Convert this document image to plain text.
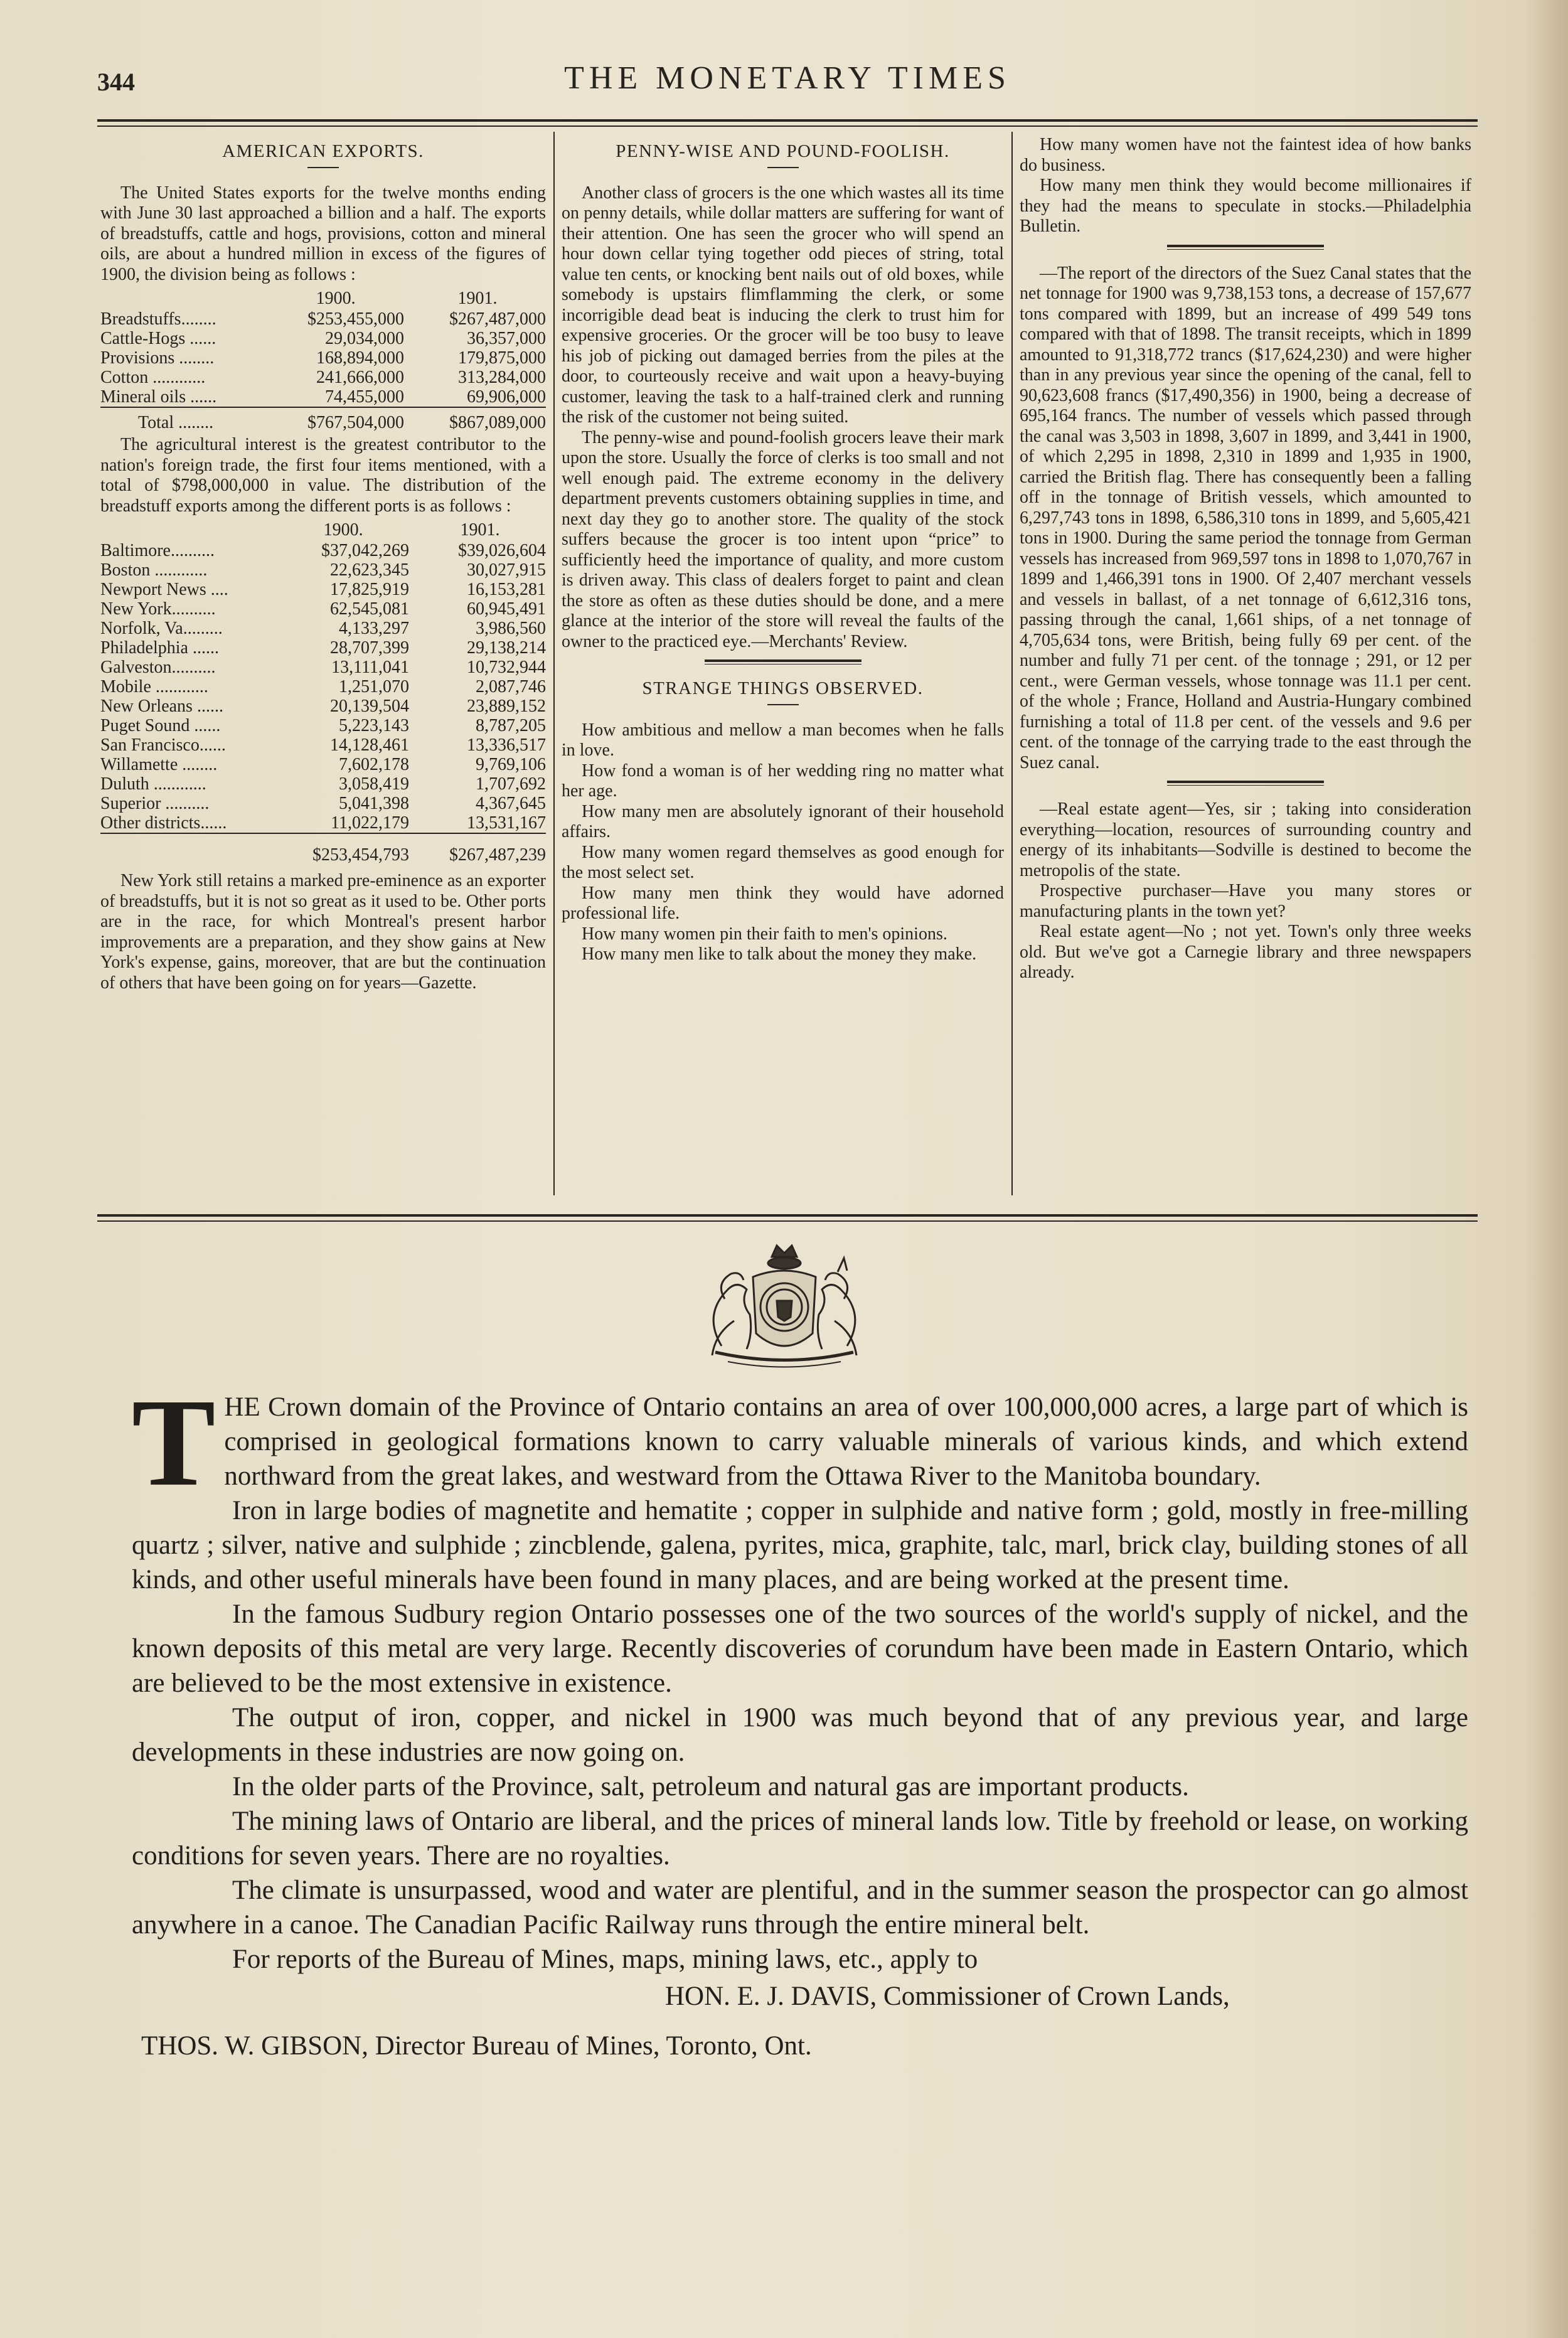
344	THE MONETARY TIMES
AMERICAN EXPORTS.

The United States exports for the twelve months ending with June 30 last approached a billion and a half. The exports of breadstuffs, cattle and hogs, provisions, cotton and mineral oils, are about a hundred million in excess of the figures of 1900, the division being as follows :

	1900.	1901.
Breadstuffs........	$253,455,000	$267,487,000
Cattle-Hogs ......	29,034,000	36,357,000
Provisions ........	168,894,000	179,875,000
Cotton ............	241,666,000	313,284,000
Mineral oils ......	74,455,000	69,906,000
Total ........	$767,504,000	$867,089,000

The agricultural interest is the greatest contributor to the nation's foreign trade, the first four items mentioned, with a total of $798,000,000 in value. The distribution of the breadstuff exports among the different ports is as follows :

	1900.	1901.
Baltimore..........	$37,042,269	$39,026,604
Boston ............	22,623,345	30,027,915
Newport News ....	17,825,919	16,153,281
New York..........	62,545,081	60,945,491
Norfolk, Va.........	4,133,297	3,986,560
Philadelphia ......	28,707,399	29,138,214
Galveston..........	13,111,041	10,732,944
Mobile ............	1,251,070	2,087,746
New Orleans ......	20,139,504	23,889,152
Puget Sound ......	5,223,143	8,787,205
San Francisco......	14,128,461	13,336,517
Willamette ........	7,602,178	9,769,106
Duluth ............	3,058,419	1,707,692
Superior ..........	5,041,398	4,367,645
Other districts......	11,022,179	13,531,167
	$253,454,793	$267,487,239

New York still retains a marked pre-eminence as an exporter of breadstuffs, but it is not so great as it used to be. Other ports are in the race, for which Montreal's present harbor improvements are a preparation, and they show gains at New York's expense, gains, moreover, that are but the continuation of others that have been going on for years—Gazette.

PENNY-WISE AND POUND-FOOLISH.

Another class of grocers is the one which wastes all its time on penny details, while dollar matters are suffering for want of their attention. One has seen the grocer who will spend an hour down cellar tying together odd pieces of string, total value ten cents, or knocking bent nails out of old boxes, while somebody is upstairs flimflamming the clerk, or some incorrigible dead beat is inducing the clerk to trust him for expensive groceries. Or the grocer will be too busy to leave his job of picking out damaged berries from the piles at the door, to courteously receive and wait upon a heavy-buying customer, leaving the task to a half-trained clerk and running the risk of the customer not being suited.

The penny-wise and pound-foolish grocers leave their mark upon the store. Usually the force of clerks is too small and not well enough paid. The extreme economy in the delivery department prevents customers obtaining supplies in time, and next day they go to another store. The quality of the stock suffers because the grocer is too intent upon “price” to sufficiently heed the importance of quality, and more custom is driven away. This class of dealers forget to paint and clean the store as often as these duties should be done, and a mere glance at the interior of the store will reveal the faults of the owner to the practiced eye.—Merchants' Review.

STRANGE THINGS OBSERVED.

How ambitious and mellow a man becomes when he falls in love.

How fond a woman is of her wedding ring no matter what her age.

How many men are absolutely ignorant of their household affairs.

How many women regard themselves as good enough for the most select set.

How many men think they would have adorned professional life.

How many women pin their faith to men's opinions.

How many men like to talk about the money they make.

How many women have not the faintest idea of how banks do business.

How many men think they would become millionaires if they had the means to speculate in stocks.—Philadelphia Bulletin.

—The report of the directors of the Suez Canal states that the net tonnage for 1900 was 9,738,153 tons, a decrease of 157,677 tons compared with 1899, but an increase of 499 549 tons compared with that of 1898. The transit receipts, which in 1899 amounted to 91,318,772 trancs ($17,624,230) and were higher than in any previous year since the opening of the canal, fell to 90,623,608 francs ($17,490,356) in 1900, being a decrease of 695,164 francs. The number of vessels which passed through the canal was 3,503 in 1898, 3,607 in 1899, and 3,441 in 1900, of which 2,295 in 1898, 2,310 in 1899 and 1,935 in 1900, carried the British flag. There has consequently been a falling off in the tonnage of British vessels, which amounted to 6,297,743 tons in 1898, 6,586,310 tons in 1899, and 5,605,421 tons in 1900. During the same period the tonnage from German vessels has increased from 969,597 tons in 1898 to 1,070,767 in 1899 and 1,466,391 tons in 1900. Of 2,407 merchant vessels and vessels in ballast, of a net tonnage of 6,612,316 tons, passing through the canal, 1,661 ships, of a net tonnage of 4,705,634 tons, were British, being fully 69 per cent. of the number and fully 71 per cent. of the tonnage ; 291, or 12 per cent., were German vessels, whose tonnage was 11.1 per cent. of the whole ; France, Holland and Austria-Hungary combined furnishing a total of 11.8 per cent. of the vessels and 9.6 per cent. of the tonnage of the carrying trade to the east through the Suez canal.

—Real estate agent—Yes, sir ; taking into consideration everything—location, resources of surrounding country and energy of its inhabitants—Sodville is destined to become the metropolis of the state.

Prospective purchaser—Have you many stores or manufacturing plants in the town yet?

Real estate agent—No ; not yet. Town's only three weeks old. But we've got a Carnegie library and three newspapers already.

THE Crown domain of the Province of Ontario contains an area of over 100,000,000 acres, a large part of which is comprised in geological formations known to carry valuable minerals of various kinds, and which extend northward from the great lakes, and westward from the Ottawa River to the Manitoba boundary.

Iron in large bodies of magnetite and hematite ; copper in sulphide and native form ; gold, mostly in free-milling quartz ; silver, native and sulphide ; zincblende, galena, pyrites, mica, graphite, talc, marl, brick clay, building stones of all kinds, and other useful minerals have been found in many places, and are being worked at the present time.

In the famous Sudbury region Ontario possesses one of the two sources of the world's supply of nickel, and the known deposits of this metal are very large. Recently discoveries of corundum have been made in Eastern Ontario, which are believed to be the most extensive in existence.

The output of iron, copper, and nickel in 1900 was much beyond that of any previous year, and large developments in these industries are now going on.

In the older parts of the Province, salt, petroleum and natural gas are important products.

The mining laws of Ontario are liberal, and the prices of mineral lands low. Title by freehold or lease, on working conditions for seven years. There are no royalties.

The climate is unsurpassed, wood and water are plentiful, and in the summer season the prospector can go almost anywhere in a canoe. The Canadian Pacific Railway runs through the entire mineral belt.

For reports of the Bureau of Mines, maps, mining laws, etc., apply to

HON. E. J. DAVIS, Commissioner of Crown Lands,
THOS. W. GIBSON, Director Bureau of Mines, Toronto, Ont.
